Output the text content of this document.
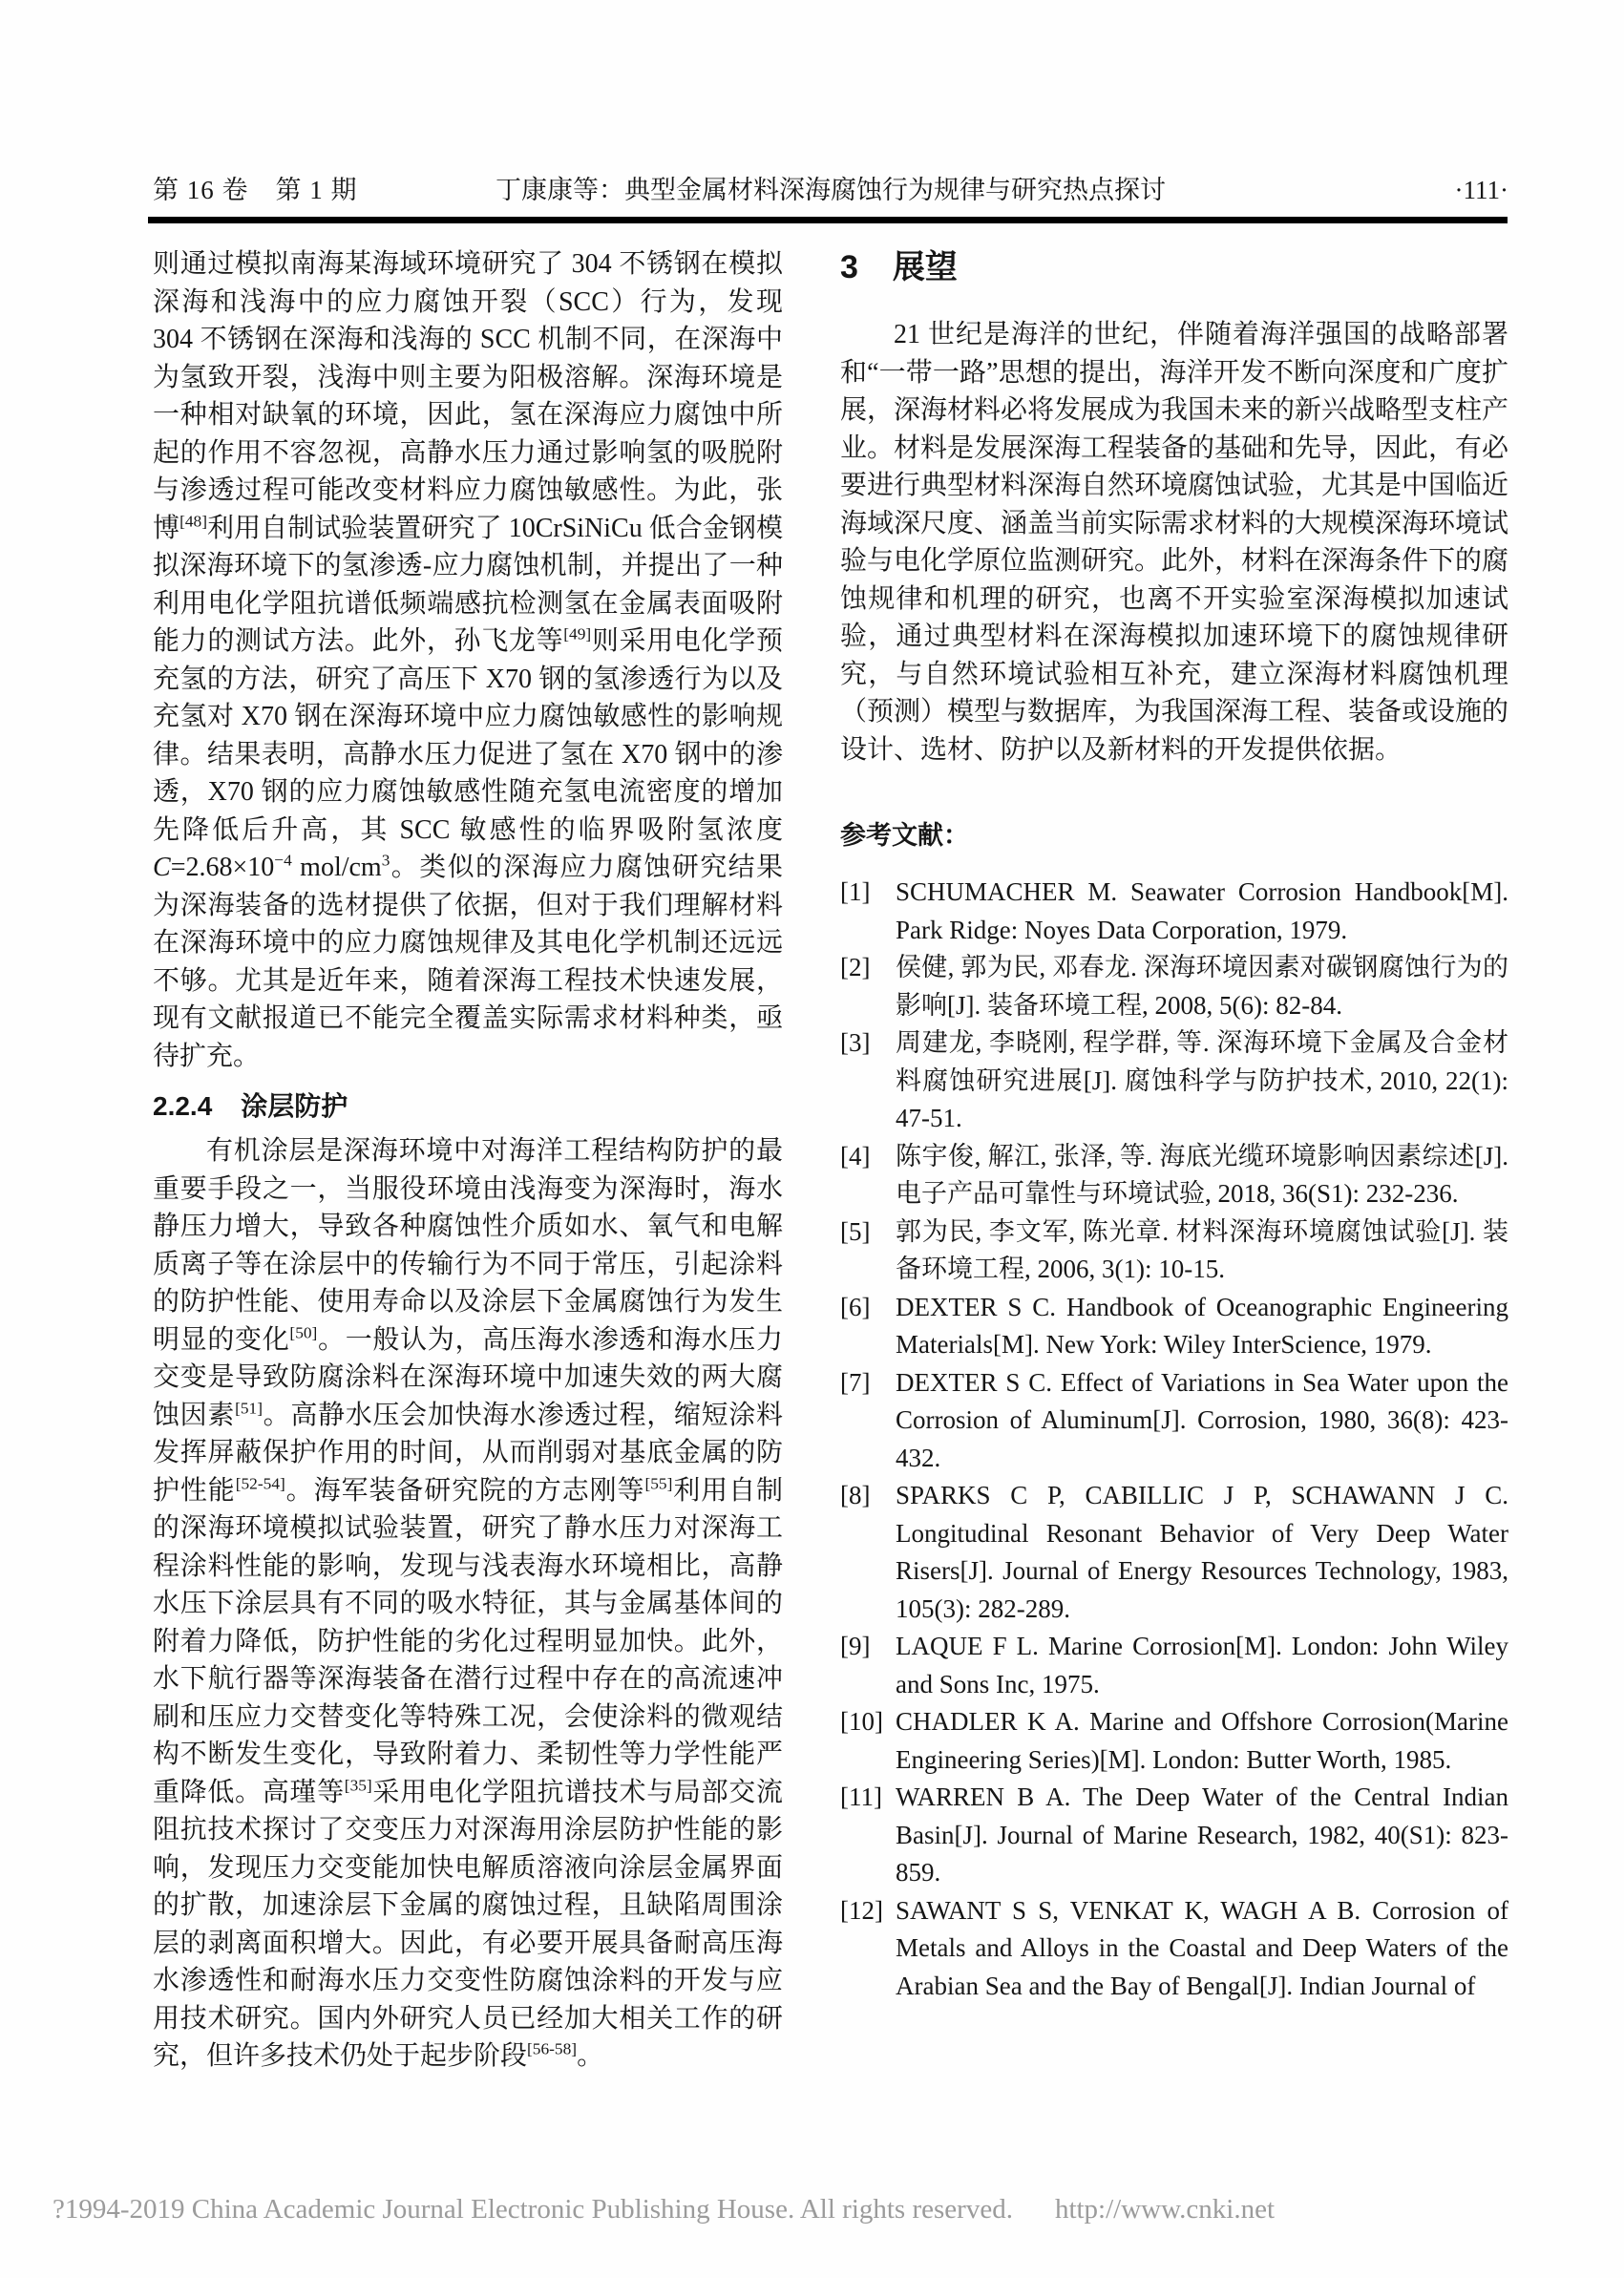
第 16 卷　第 1 期	丁康康等：典型金属材料深海腐蚀行为规律与研究热点探讨	·111·

则通过模拟南海某海域环境研究了 304 不锈钢在模拟深海和浅海中的应力腐蚀开裂（SCC）行为，发现 304 不锈钢在深海和浅海的 SCC 机制不同，在深海中为氢致开裂，浅海中则主要为阳极溶解。深海环境是一种相对缺氧的环境，因此，氢在深海应力腐蚀中所起的作用不容忽视，高静水压力通过影响氢的吸脱附与渗透过程可能改变材料应力腐蚀敏感性。为此，张博[48]利用自制试验装置研究了 10CrSiNiCu 低合金钢模拟深海环境下的氢渗透-应力腐蚀机制，并提出了一种利用电化学阻抗谱低频端感抗检测氢在金属表面吸附能力的测试方法。此外，孙飞龙等[49]则采用电化学预充氢的方法，研究了高压下 X70 钢的氢渗透行为以及充氢对 X70 钢在深海环境中应力腐蚀敏感性的影响规律。结果表明，高静水压力促进了氢在 X70 钢中的渗透，X70 钢的应力腐蚀敏感性随充氢电流密度的增加先降低后升高，其 SCC 敏感性的临界吸附氢浓度 $C=2.68\times 10^{-4}$ mol/$cm^3$。类似的深海应力腐蚀研究结果为深海装备的选材提供了依据，但对于我们理解材料在深海环境中的应力腐蚀规律及其电化学机制还远远不够。尤其是近年来，随着深海工程技术快速发展，现有文献报道已不能完全覆盖实际需求材料种类，亟待扩充。

2.2.4 涂层防护

有机涂层是深海环境中对海洋工程结构防护的最重要手段之一，当服役环境由浅海变为深海时，海水静压力增大，导致各种腐蚀性介质如水、氧气和电解质离子等在涂层中的传输行为不同于常压，引起涂料的防护性能、使用寿命以及涂层下金属腐蚀行为发生明显的变化[50]。一般认为，高压海水渗透和海水压力交变是导致防腐涂料在深海环境中加速失效的两大腐蚀因素[51]。高静水压会加快海水渗透过程，缩短涂料发挥屏蔽保护作用的时间，从而削弱对基底金属的防护性能[52-54]。海军装备研究院的方志刚等[55]利用自制的深海环境模拟试验装置，研究了静水压力对深海工程涂料性能的影响，发现与浅表海水环境相比，高静水压下涂层具有不同的吸水特征，其与金属基体间的附着力降低，防护性能的劣化过程明显加快。此外，水下航行器等深海装备在潜行过程中存在的高流速冲刷和压应力交替变化等特殊工况，会使涂料的微观结构不断发生变化，导致附着力、柔韧性等力学性能严重降低。高瑾等[35]采用电化学阻抗谱技术与局部交流阻抗技术探讨了交变压力对深海用涂层防护性能的影响，发现压力交变能加快电解质溶液向涂层金属界面的扩散，加速涂层下金属的腐蚀过程，且缺陷周围涂层的剥离面积增大。因此，有必要开展具备耐高压海水渗透性和耐海水压力交变性防腐蚀涂料的开发与应用技术研究。国内外研究人员已经加大相关工作的研究，但许多技术仍处于起步阶段[56-58]。

3 展望

21 世纪是海洋的世纪，伴随着海洋强国的战略部署和“一带一路”思想的提出，海洋开发不断向深度和广度扩展，深海材料必将发展成为我国未来的新兴战略型支柱产业。材料是发展深海工程装备的基础和先导，因此，有必要进行典型材料深海自然环境腐蚀试验，尤其是中国临近海域深尺度、涵盖当前实际需求材料的大规模深海环境试验与电化学原位监测研究。此外，材料在深海条件下的腐蚀规律和机理的研究，也离不开实验室深海模拟加速试验，通过典型材料在深海模拟加速环境下的腐蚀规律研究，与自然环境试验相互补充，建立深海材料腐蚀机理（预测）模型与数据库，为我国深海工程、装备或设施的设计、选材、防护以及新材料的开发提供依据。

参考文献：
[1] SCHUMACHER M. Seawater Corrosion Handbook[M]. Park Ridge: Noyes Data Corporation, 1979.
[2] 侯健, 郭为民, 邓春龙. 深海环境因素对碳钢腐蚀行为的影响[J]. 装备环境工程, 2008, 5(6): 82-84.
[3] 周建龙, 李晓刚, 程学群, 等. 深海环境下金属及合金材料腐蚀研究进展[J]. 腐蚀科学与防护技术, 2010, 22(1): 47-51.
[4] 陈宇俊, 解江, 张泽, 等. 海底光缆环境影响因素综述[J]. 电子产品可靠性与环境试验, 2018, 36(S1): 232-236.
[5] 郭为民, 李文军, 陈光章. 材料深海环境腐蚀试验[J]. 装备环境工程, 2006, 3(1): 10-15.
[6] DEXTER S C. Handbook of Oceanographic Engineering Materials[M]. New York: Wiley InterScience, 1979.
[7] DEXTER S C. Effect of Variations in Sea Water upon the Corrosion of Aluminum[J]. Corrosion, 1980, 36(8): 423-432.
[8] SPARKS C P, CABILLIC J P, SCHAWANN J C. Longitudinal Resonant Behavior of Very Deep Water Risers[J]. Journal of Energy Resources Technology, 1983, 105(3): 282-289.
[9] LAQUE F L. Marine Corrosion[M]. London: John Wiley and Sons Inc, 1975.
[10] CHADLER K A. Marine and Offshore Corrosion(Marine Engineering Series)[M]. London: Butter Worth, 1985.
[11] WARREN B A. The Deep Water of the Central Indian Basin[J]. Journal of Marine Research, 1982, 40(S1): 823-859.
[12] SAWANT S S, VENKAT K, WAGH A B. Corrosion of Metals and Alloys in the Coastal and Deep Waters of the Arabian Sea and the Bay of Bengal[J]. Indian Journal of
?1994-2019 China Academic Journal Electronic Publishing House. All rights reserved. http://www.cnki.net
